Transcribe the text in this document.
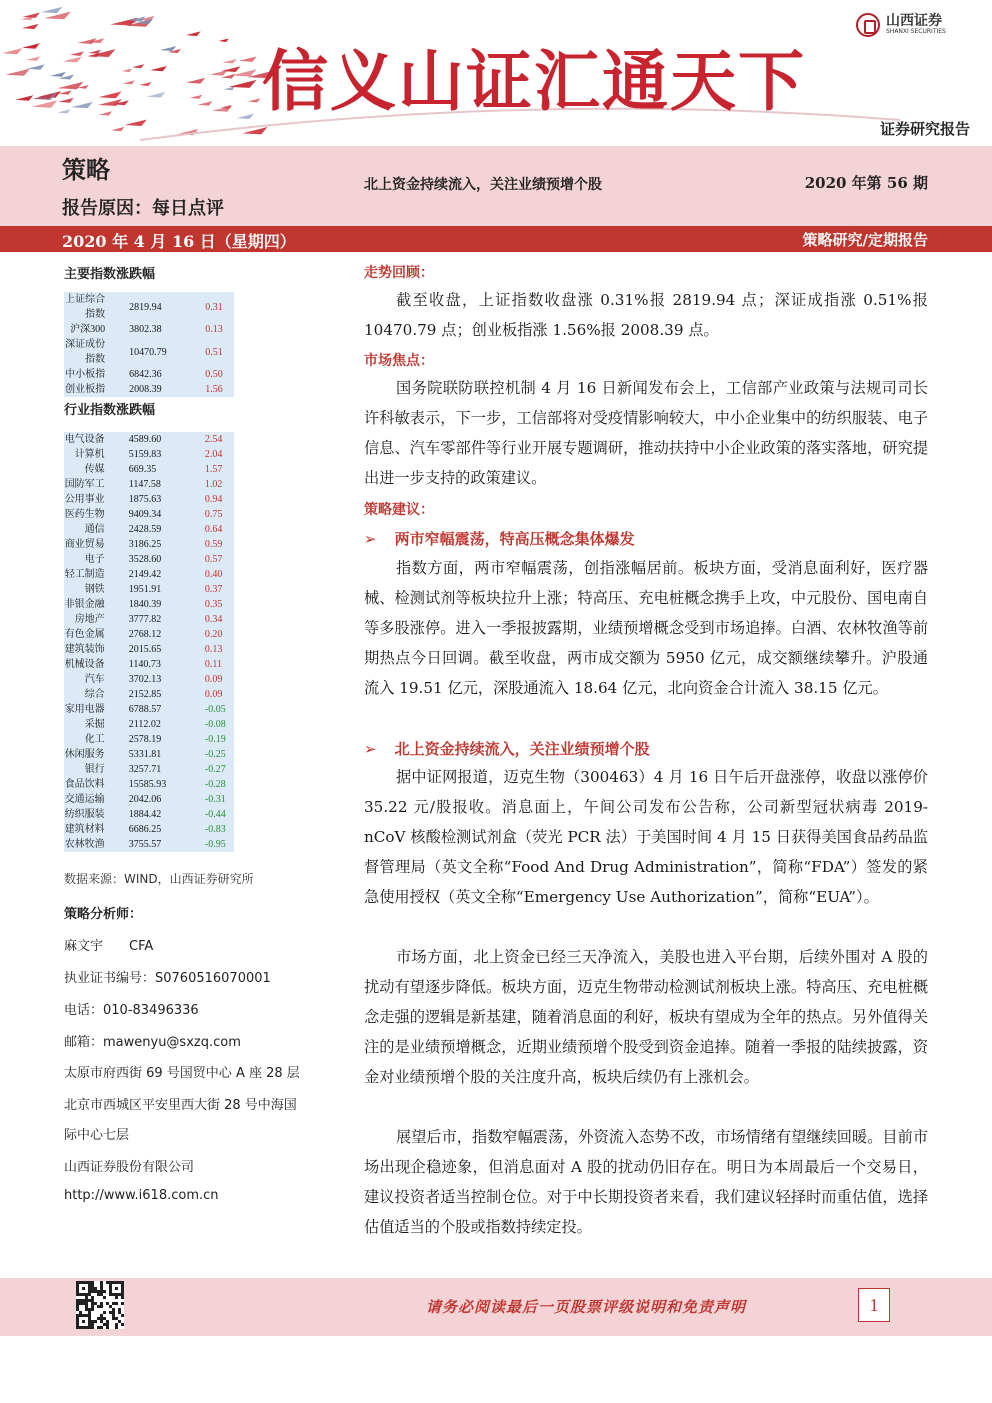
信义山证汇通天下
山西证券
SHANXI SECURITIES
证券研究报告
策略
报告原因：每日点评
北上资金持续流入，关注业绩预增个股	2020 年第 56 期
2020 年 4 月 16 日（星期四）	策略研究/定期报告
主要指数涨跌幅
上证综合指数	2819.94	0.31
沪深300	3802.38	0.13
深证成份指数	10470.79	0.51
中小板指	6842.36	0.50
创业板指	2008.39	1.56
行业指数涨跌幅
电气设备	4589.60	2.54
计算机	5159.83	2.04
传媒	669.35	1.57
国防军工	1147.58	1.02
公用事业	1875.63	0.94
医药生物	9409.34	0.75
通信	2428.59	0.64
商业贸易	3186.25	0.59
电子	3528.60	0.57
轻工制造	2149.42	0.40
钢铁	1951.91	0.37
非银金融	1840.39	0.35
房地产	3777.82	0.34
有色金属	2768.12	0.20
建筑装饰	2015.65	0.13
机械设备	1140.73	0.11
汽车	3702.13	0.09
综合	2152.85	0.09
家用电器	6788.57	-0.05
采掘	2112.02	-0.08
化工	2578.19	-0.19
休闲服务	5331.81	-0.25
银行	3257.71	-0.27
食品饮料	15585.93	-0.28
交通运输	2042.06	-0.31
纺织服装	1884.42	-0.44
建筑材料	6686.25	-0.83
农林牧渔	3755.57	-0.95
数据来源：WIND，山西证券研究所
策略分析师：
麻文宇　　CFA
执业证书编号：S0760516070001
电话：010-83496336
邮箱：mawenyu@sxzq.com
太原市府西街 69 号国贸中心 A 座 28 层
北京市西城区平安里西大街 28 号中海国
际中心七层
山西证券股份有限公司
http://www.i618.com.cn
走势回顾：

截至收盘，上证指数收盘涨 0.31%报 2819.94 点；深证成指涨 0.51%报 10470.79 点；创业板指涨 1.56%报 2008.39 点。

市场焦点：

国务院联防联控机制 4 月 16 日新闻发布会上，工信部产业政策与法规司司长许科敏表示，下一步，工信部将对受疫情影响较大，中小企业集中的纺织服装、电子信息、汽车零部件等行业开展专题调研，推动扶持中小企业政策的落实落地，研究提出进一步支持的政策建议。

策略建议：
➢ 两市窄幅震荡，特高压概念集体爆发

指数方面，两市窄幅震荡，创指涨幅居前。板块方面，受消息面利好，医疗器械、检测试剂等板块拉升上涨；特高压、充电桩概念携手上攻，中元股份、国电南自等多股涨停。进入一季报披露期，业绩预增概念受到市场追捧。白酒、农林牧渔等前期热点今日回调。截至收盘，两市成交额为 5950 亿元，成交额继续攀升。沪股通流入 19.51 亿元，深股通流入 18.64 亿元，北向资金合计流入 38.15 亿元。

➢ 北上资金持续流入，关注业绩预增个股

据中证网报道，迈克生物（300463）4 月 16 日午后开盘涨停，收盘以涨停价 35.22 元/股报收。消息面上，午间公司发布公告称，公司新型冠状病毒 2019-nCoV 核酸检测试剂盒（荧光 PCR 法）于美国时间 4 月 15 日获得美国食品药品监督管理局（英文全称“Food And Drug Administration”，简称“FDA”）签发的紧急使用授权（英文全称“Emergency Use Authorization”，简称“EUA”）。

市场方面，北上资金已经三天净流入，美股也进入平台期，后续外围对 A 股的扰动有望逐步降低。板块方面，迈克生物带动检测试剂板块上涨。特高压、充电桩概念走强的逻辑是新基建，随着消息面的利好，板块有望成为全年的热点。另外值得关注的是业绩预增概念，近期业绩预增个股受到资金追捧。随着一季报的陆续披露，资金对业绩预增个股的关注度升高，板块后续仍有上涨机会。

展望后市，指数窄幅震荡，外资流入态势不改，市场情绪有望继续回暖。目前市场出现企稳迹象，但消息面对 A 股的扰动仍旧存在。明日为本周最后一个交易日，建议投资者适当控制仓位。对于中长期投资者来看，我们建议轻择时而重估值，选择估值适当的个股或指数持续定投。

请务必阅读最后一页股票评级说明和免责声明	1
